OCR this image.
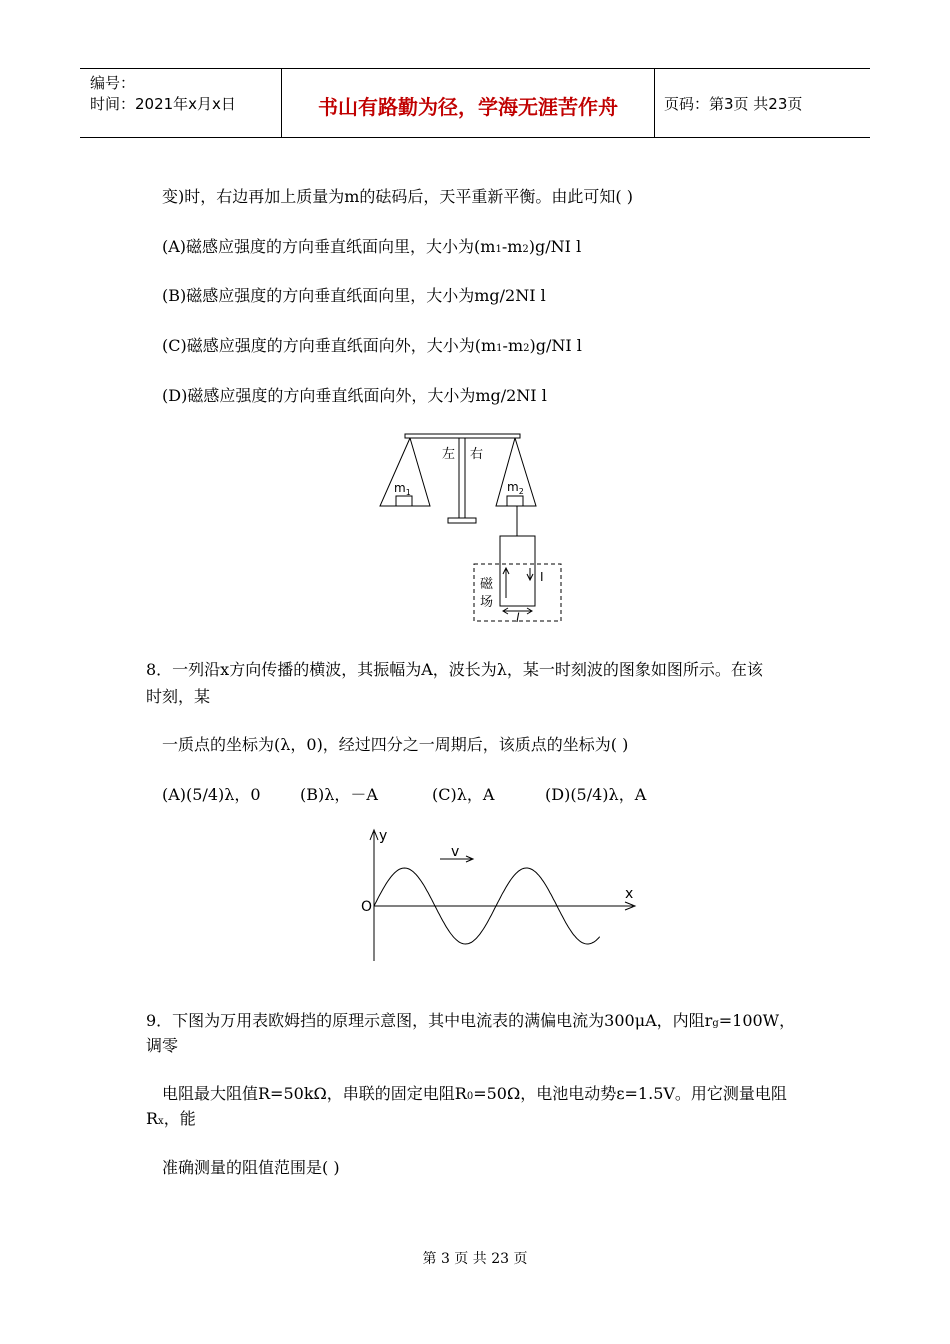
编号：
时间：2021年x月x日	书山有路勤为径，学海无涯苦作舟	页码：第3页 共23页
变)时，右边再加上质量为m的砝码后，天平重新平衡。由此可知( )
(A)磁感应强度的方向垂直纸面向里，大小为(m1-m2)g/NI l
(B)磁感应强度的方向垂直纸面向里，大小为mg/2NI l
(C)磁感应强度的方向垂直纸面向外，大小为(m1-m2)g/NI l
(D)磁感应强度的方向垂直纸面向外，大小为mg/2NI l
左 右
$m_1$	$m_2$
I
磁
场
l
8．一列沿x方向传播的横波，其振幅为A，波长为λ，某一时刻波的图象如图所示。在该
时刻，某
一质点的坐标为(λ，0)，经过四分之一周期后，该质点的坐标为( )
(A)(5/4)λ，0 (B)λ，－A	(C)λ，A	(D)(5/4)λ，A
y
x
O
v
9．下图为万用表欧姆挡的原理示意图，其中电流表的满偏电流为300μA，内阻rg=100W，
调零
电阻最大阻值R=50kΩ，串联的固定电阻R0=50Ω，电池电动势ε=1.5V。用它测量电阻
Rx，能
准确测量的阻值范围是( )
第 3 页 共 23 页
